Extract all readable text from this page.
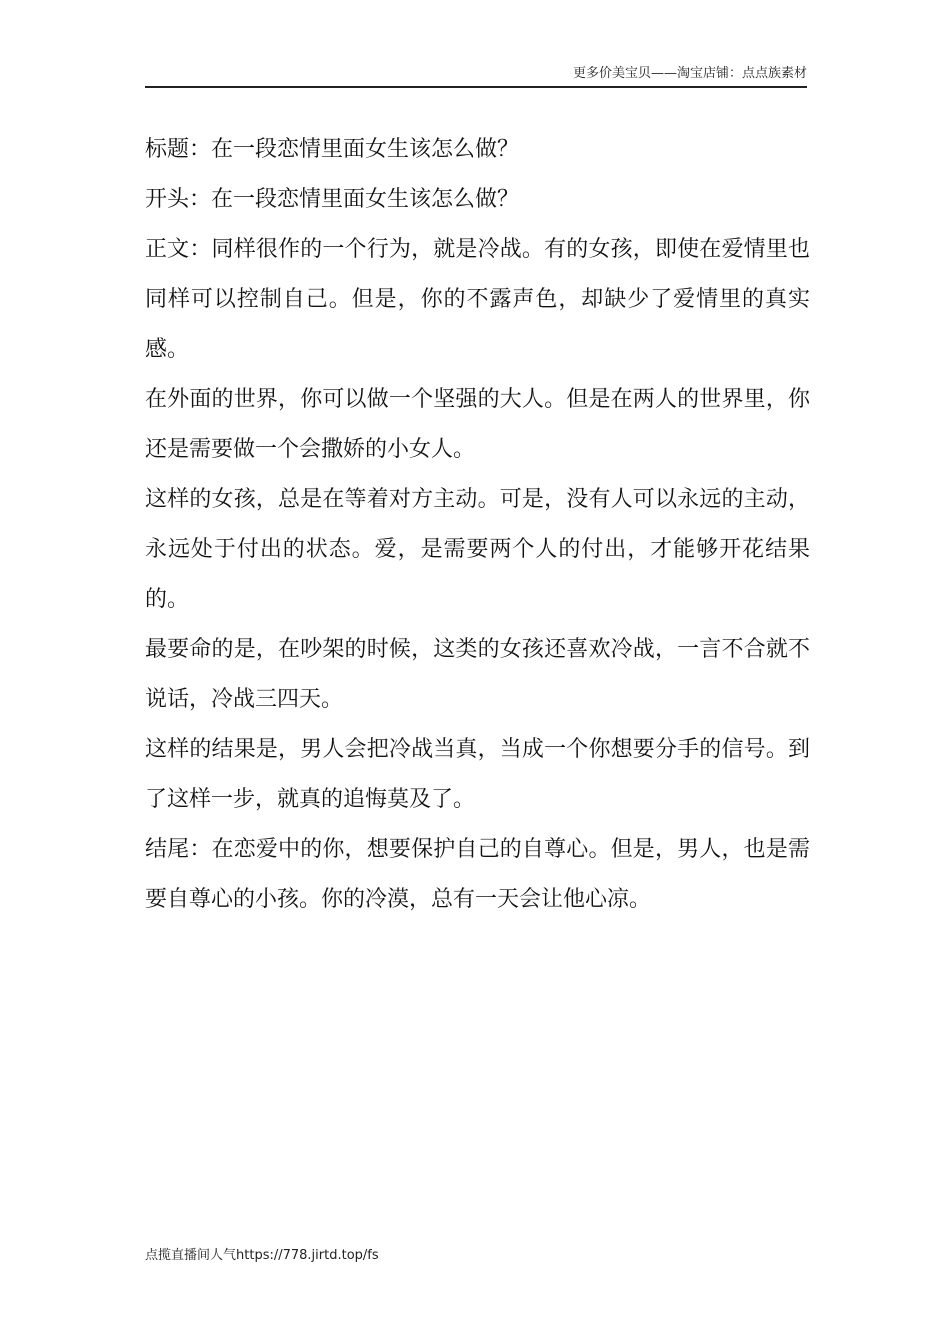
更多价美宝贝——淘宝店铺：点点族素材

标题：在一段恋情里面女生该怎么做？

开头：在一段恋情里面女生该怎么做？

正文：同样很作的一个行为，就是冷战。有的女孩，即使在爱情里也同样可以控制自己。但是，你的不露声色，却缺少了爱情里的真实感。

在外面的世界，你可以做一个坚强的大人。但是在两人的世界里，你还是需要做一个会撒娇的小女人。

这样的女孩，总是在等着对方主动。可是，没有人可以永远的主动，永远处于付出的状态。爱，是需要两个人的付出，才能够开花结果的。

最要命的是，在吵架的时候，这类的女孩还喜欢冷战，一言不合就不说话，冷战三四天。

这样的结果是，男人会把冷战当真，当成一个你想要分手的信号。到了这样一步，就真的追悔莫及了。

结尾：在恋爱中的你，想要保护自己的自尊心。但是，男人，也是需要自尊心的小孩。你的冷漠，总有一天会让他心凉。

点揽直播间人气https://778.jirtd.top/fs
